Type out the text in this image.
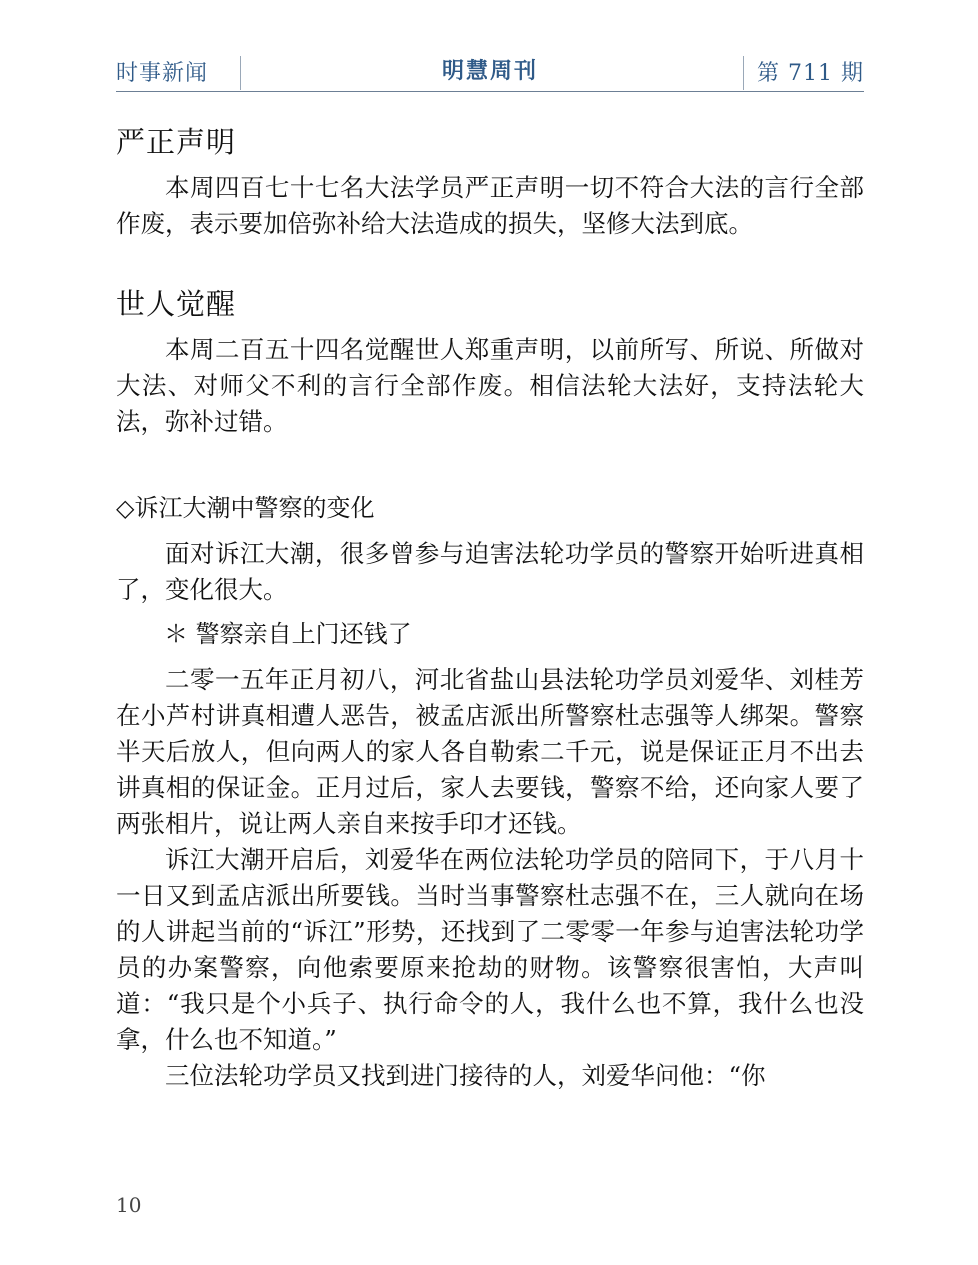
时事新闻	明慧周刊	第 711 期
严正声明

本周四百七十七名大法学员严正声明一切不符合大法的言行全部作废，表示要加倍弥补给大法造成的损失，坚修大法到底。

世人觉醒

本周二百五十四名觉醒世人郑重声明，以前所写、所说、所做对大法、对师父不利的言行全部作废。相信法轮大法好，支持法轮大法，弥补过错。

◇诉江大潮中警察的变化

面对诉江大潮，很多曾参与迫害法轮功学员的警察开始听进真相了，变化很大。

＊ 警察亲自上门还钱了

二零一五年正月初八，河北省盐山县法轮功学员刘爱华、刘桂芳在小芦村讲真相遭人恶告，被孟店派出所警察杜志强等人绑架。警察半天后放人，但向两人的家人各自勒索二千元，说是保证正月不出去讲真相的保证金。正月过后，家人去要钱，警察不给，还向家人要了两张相片，说让两人亲自来按手印才还钱。

诉江大潮开启后，刘爱华在两位法轮功学员的陪同下，于八月十一日又到孟店派出所要钱。当时当事警察杜志强不在，三人就向在场的人讲起当前的“诉江”形势，还找到了二零零一年参与迫害法轮功学员的办案警察，向他索要原来抢劫的财物。该警察很害怕，大声叫道：“我只是个小兵子、执行命令的人，我什么也不算，我什么也没拿，什么也不知道。”

三位法轮功学员又找到进门接待的人，刘爱华问他：“你

10
